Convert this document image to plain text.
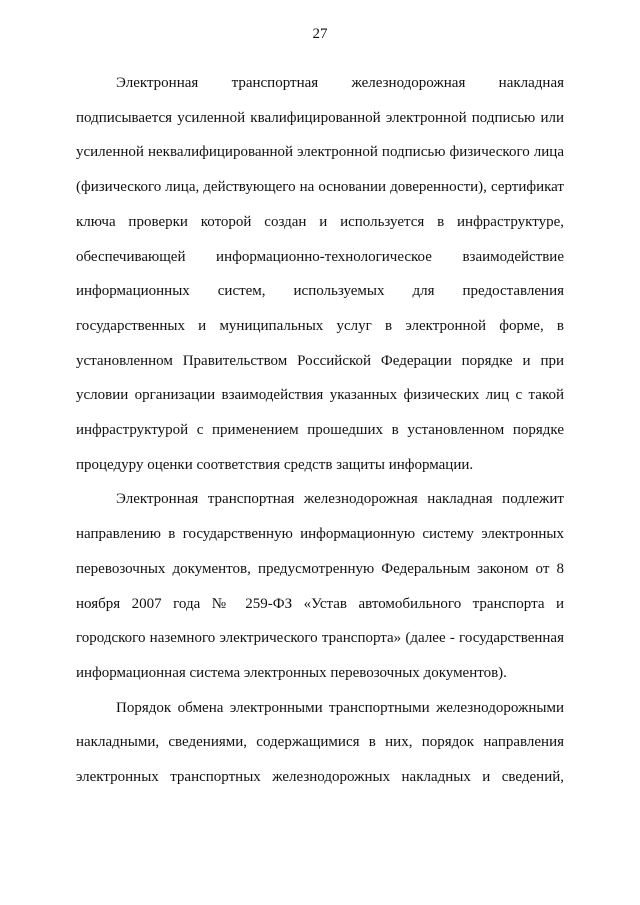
27

Электронная транспортная железнодорожная накладная подписывается усиленной квалифицированной электронной подписью или усиленной неквалифицированной электронной подписью физического лица (физического лица, действующего на основании доверенности), сертификат ключа проверки которой создан и используется в инфраструктуре, обеспечивающей информационно-технологическое взаимодействие информационных систем, используемых для предоставления государственных и муниципальных услуг в электронной форме, в установленном Правительством Российской Федерации порядке и при условии организации взаимодействия указанных физических лиц с такой инфраструктурой с применением прошедших в установленном порядке процедуру оценки соответствия средств защиты информации.

Электронная транспортная железнодорожная накладная подлежит направлению в государственную информационную систему электронных перевозочных документов, предусмотренную Федеральным законом от 8 ноября 2007 года № 259-ФЗ «Устав автомобильного транспорта и городского наземного электрического транспорта» (далее - государственная информационная система электронных перевозочных документов).

Порядок обмена электронными транспортными железнодорожными накладными, сведениями, содержащимися в них, порядок направления электронных транспортных железнодорожных накладных и сведений,
